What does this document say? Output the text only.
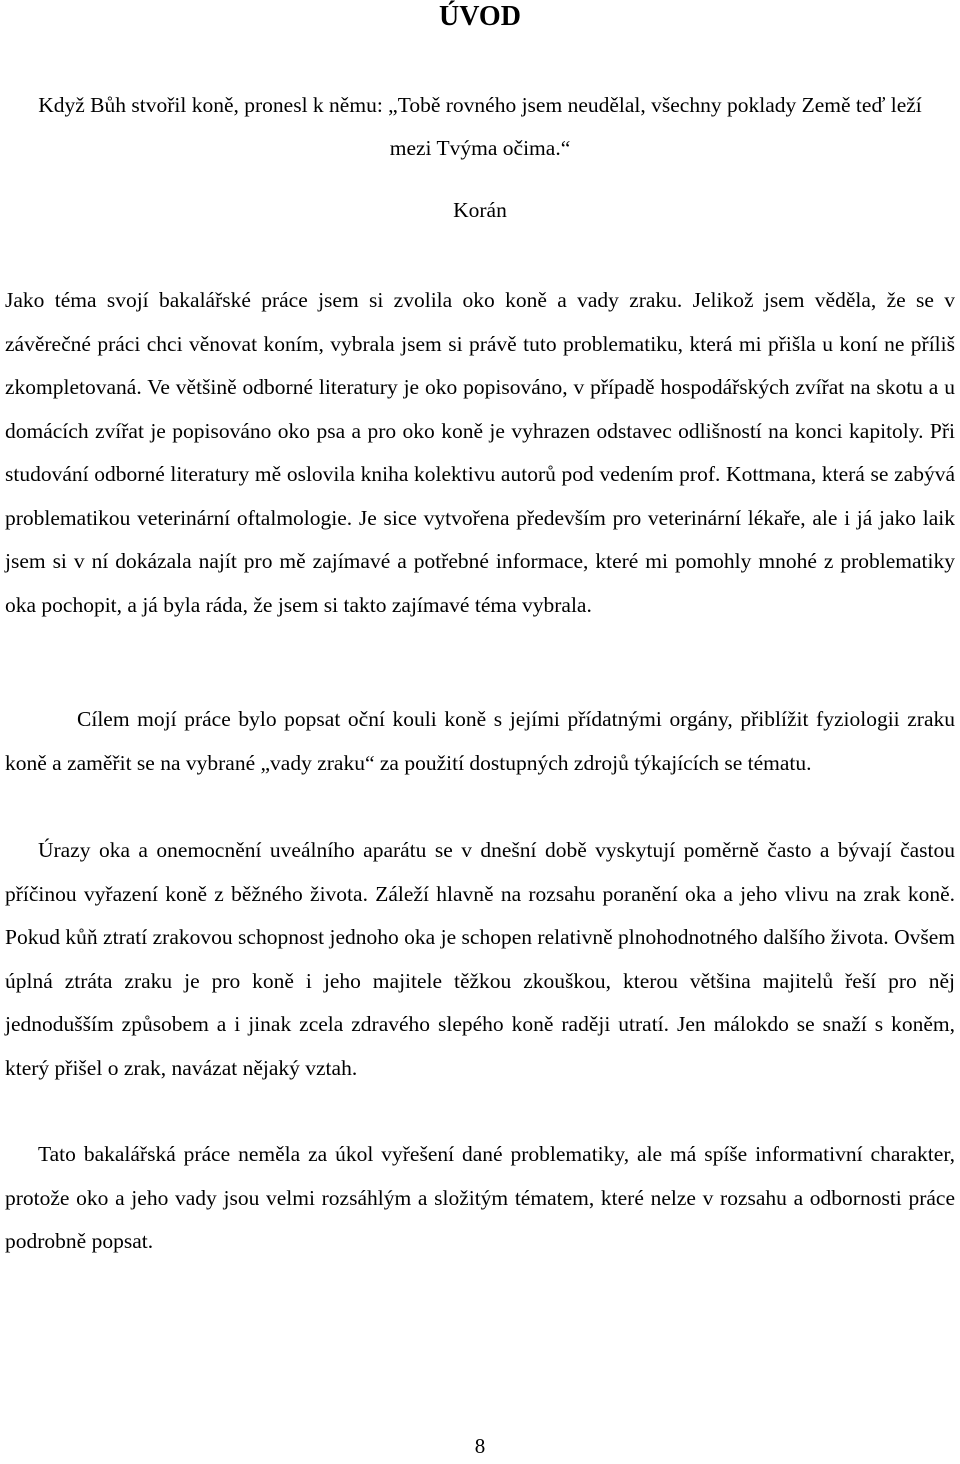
ÚVOD

Když Bůh stvořil koně, pronesl k němu: „Tobě rovného jsem neudělal, všechny poklady Země teď leží mezi Tvýma očima.“

Korán

Jako téma svojí bakalářské práce jsem si zvolila oko koně a vady zraku. Jelikož jsem věděla, že se v závěrečné práci chci věnovat koním, vybrala jsem si právě tuto problematiku, která mi přišla u koní ne příliš zkompletovaná. Ve většině odborné literatury je oko popisováno, v případě hospodářských zvířat na skotu a u domácích zvířat je popisováno oko psa a pro oko koně je vyhrazen odstavec odlišností na konci kapitoly. Při studování odborné literatury mě oslovila kniha kolektivu autorů pod vedením prof. Kottmana, která se zabývá problematikou veterinární oftalmologie. Je sice vytvořena především pro veterinární lékaře, ale i já jako laik jsem si v ní dokázala najít pro mě zajímavé a potřebné informace, které mi pomohly mnohé z problematiky oka pochopit, a já byla ráda, že jsem si takto zajímavé téma vybrala.

Cílem mojí práce bylo popsat oční kouli koně s jejími přídatnými orgány, přiblížit fyziologii zraku koně a zaměřit se na vybrané „vady zraku“ za použití dostupných zdrojů týkajících se tématu.

Úrazy oka a onemocnění uveálního aparátu se v dnešní době vyskytují poměrně často a bývají častou příčinou vyřazení koně z běžného života. Záleží hlavně na rozsahu poranění oka a jeho vlivu na zrak koně. Pokud kůň ztratí zrakovou schopnost jednoho oka je schopen relativně plnohodnotného dalšího života. Ovšem úplná ztráta zraku je pro koně i jeho majitele těžkou zkouškou, kterou většina majitelů řeší pro něj jednodušším způsobem a i jinak zcela zdravého slepého koně raději utratí. Jen málokdo se snaží s koněm, který přišel o zrak, navázat nějaký vztah.

Tato bakalářská práce neměla za úkol vyřešení dané problematiky, ale má spíše informativní charakter, protože oko a jeho vady jsou velmi rozsáhlým a složitým tématem, které nelze v rozsahu a odbornosti práce podrobně popsat.

8
